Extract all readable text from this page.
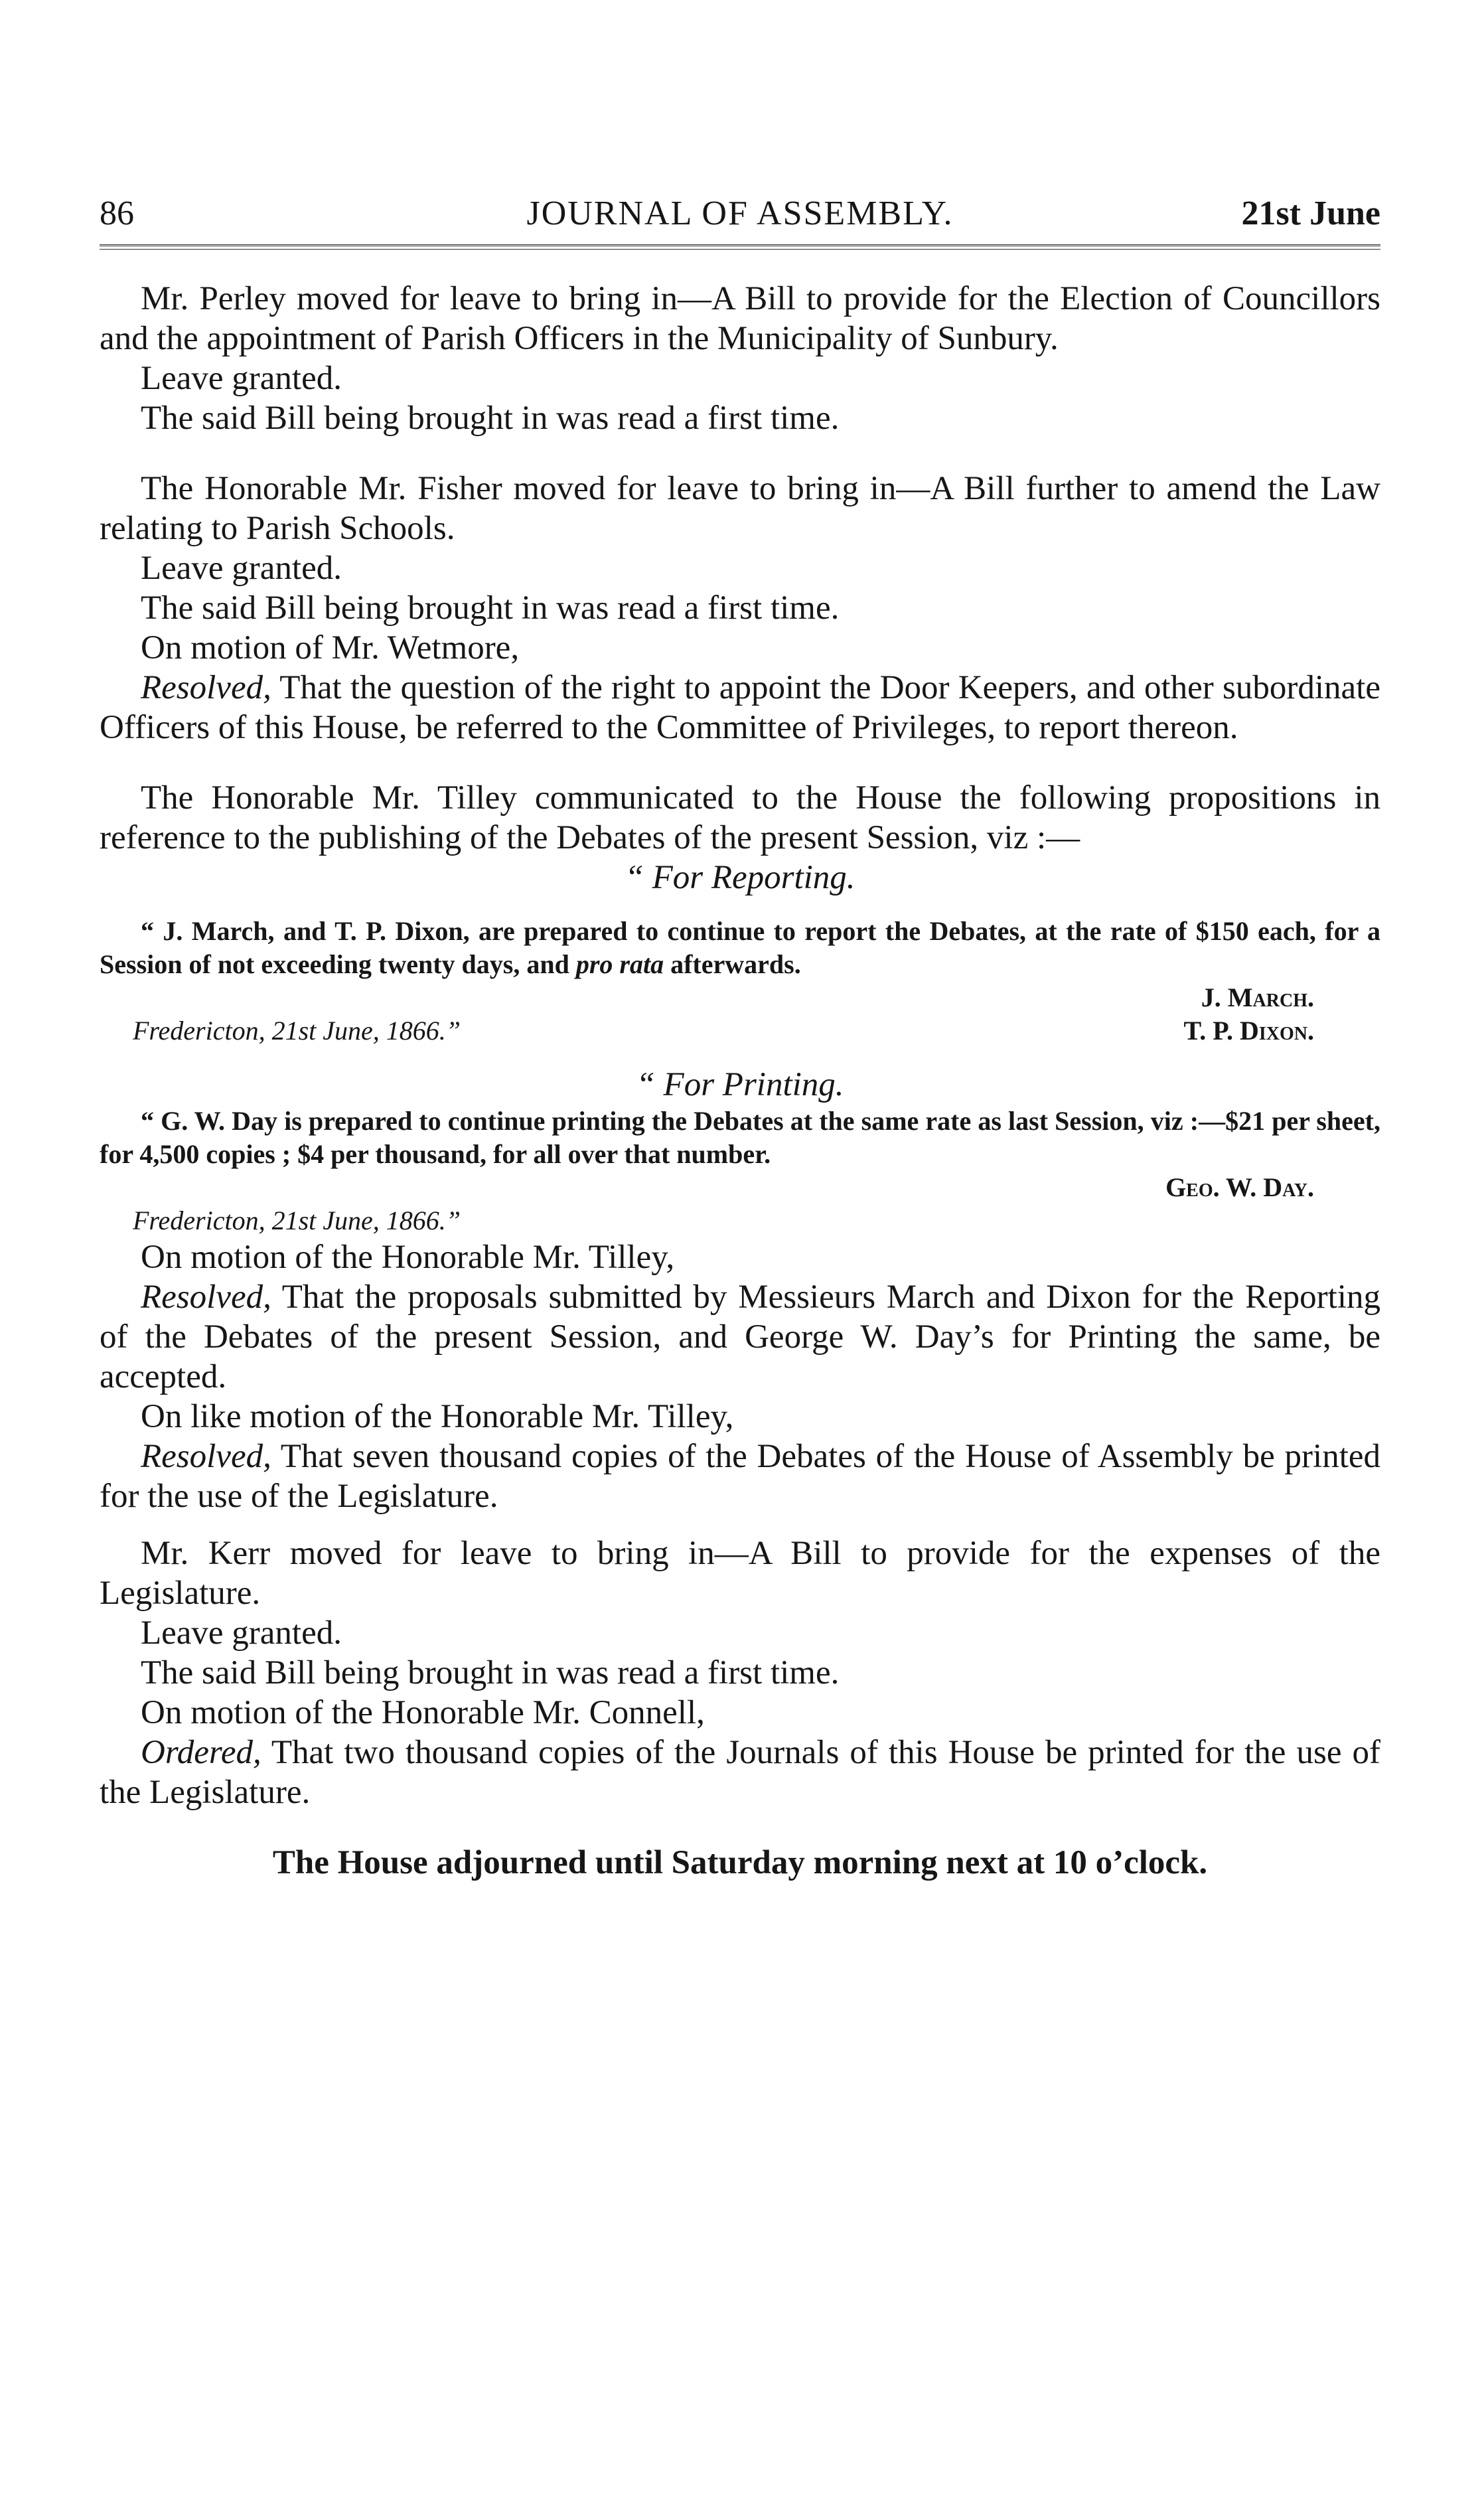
86	JOURNAL OF ASSEMBLY.	21st June

Mr. Perley moved for leave to bring in—A Bill to provide for the Election of Councillors and the appointment of Parish Officers in the Municipality of Sunbury.

Leave granted.

The said Bill being brought in was read a first time.

The Honorable Mr. Fisher moved for leave to bring in—A Bill further to amend the Law relating to Parish Schools.

Leave granted.

The said Bill being brought in was read a first time.

On motion of Mr. Wetmore,

Resolved, That the question of the right to appoint the Door Keepers, and other subordinate Officers of this House, be referred to the Committee of Privileges, to report thereon.

The Honorable Mr. Tilley communicated to the House the following propositions in reference to the publishing of the Debates of the present Session, viz :—

“ For Reporting.

“ J. March, and T. P. Dixon, are prepared to continue to report the Debates, at the rate of $150 each, for a Session of not exceeding twenty days, and pro rata afterwards.

J. March.
Fredericton, 21st June, 1866.”	T. P. Dixon.

“ For Printing.

“ G. W. Day is prepared to continue printing the Debates at the same rate as last Session, viz :—$21 per sheet, for 4,500 copies ; $4 per thousand, for all over that number.

Geo. W. Day.
Fredericton, 21st June, 1866.”

On motion of the Honorable Mr. Tilley,

Resolved, That the proposals submitted by Messieurs March and Dixon for the Reporting of the Debates of the present Session, and George W. Day’s for Printing the same, be accepted.

On like motion of the Honorable Mr. Tilley,

Resolved, That seven thousand copies of the Debates of the House of Assembly be printed for the use of the Legislature.

Mr. Kerr moved for leave to bring in—A Bill to provide for the expenses of the Legislature.

Leave granted.

The said Bill being brought in was read a first time.

On motion of the Honorable Mr. Connell,

Ordered, That two thousand copies of the Journals of this House be printed for the use of the Legislature.

The House adjourned until Saturday morning next at 10 o’clock.
